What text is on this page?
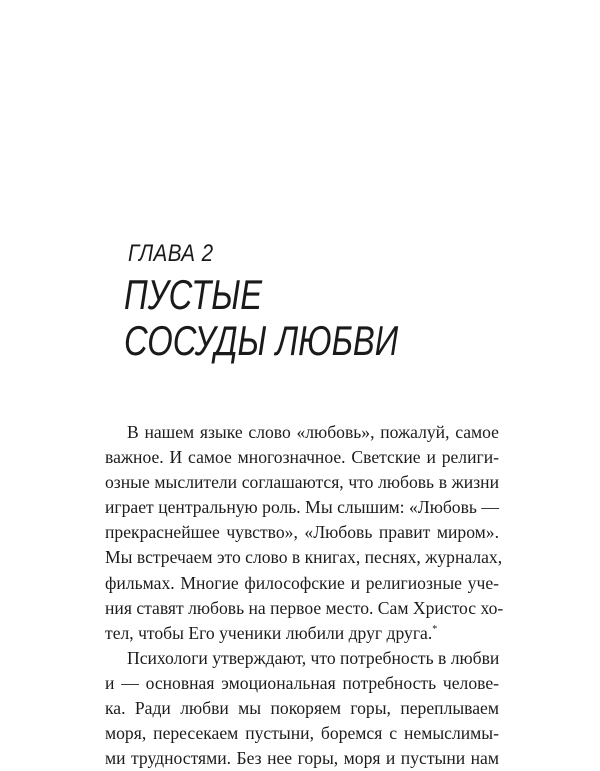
ГЛАВА 2
ПУСТЫЕ
СОСУДЫ ЛЮБВИ
В нашем языке слово «любовь», пожалуй, самое
важное. И самое многозначное. Светские и религи-
озные мыслители соглашаются, что любовь в жизни
играет центральную роль. Мы слышим: «Любовь —
прекраснейшее чувство», «Любовь правит миром».
Мы встречаем это слово в книгах, песнях, журналах,
фильмах. Многие философские и религиозные уче-
ния ставят любовь на первое место. Сам Христос хо-
тел, чтобы Его ученики любили друг друга.*
Психологи утверждают, что потребность в любви
и — основная эмоциональная потребность челове-
ка. Ради любви мы покоряем горы, переплываем
моря, пересекаем пустыни, боремся с немыслимы-
ми трудностями. Без нее горы, моря и пустыни нам
